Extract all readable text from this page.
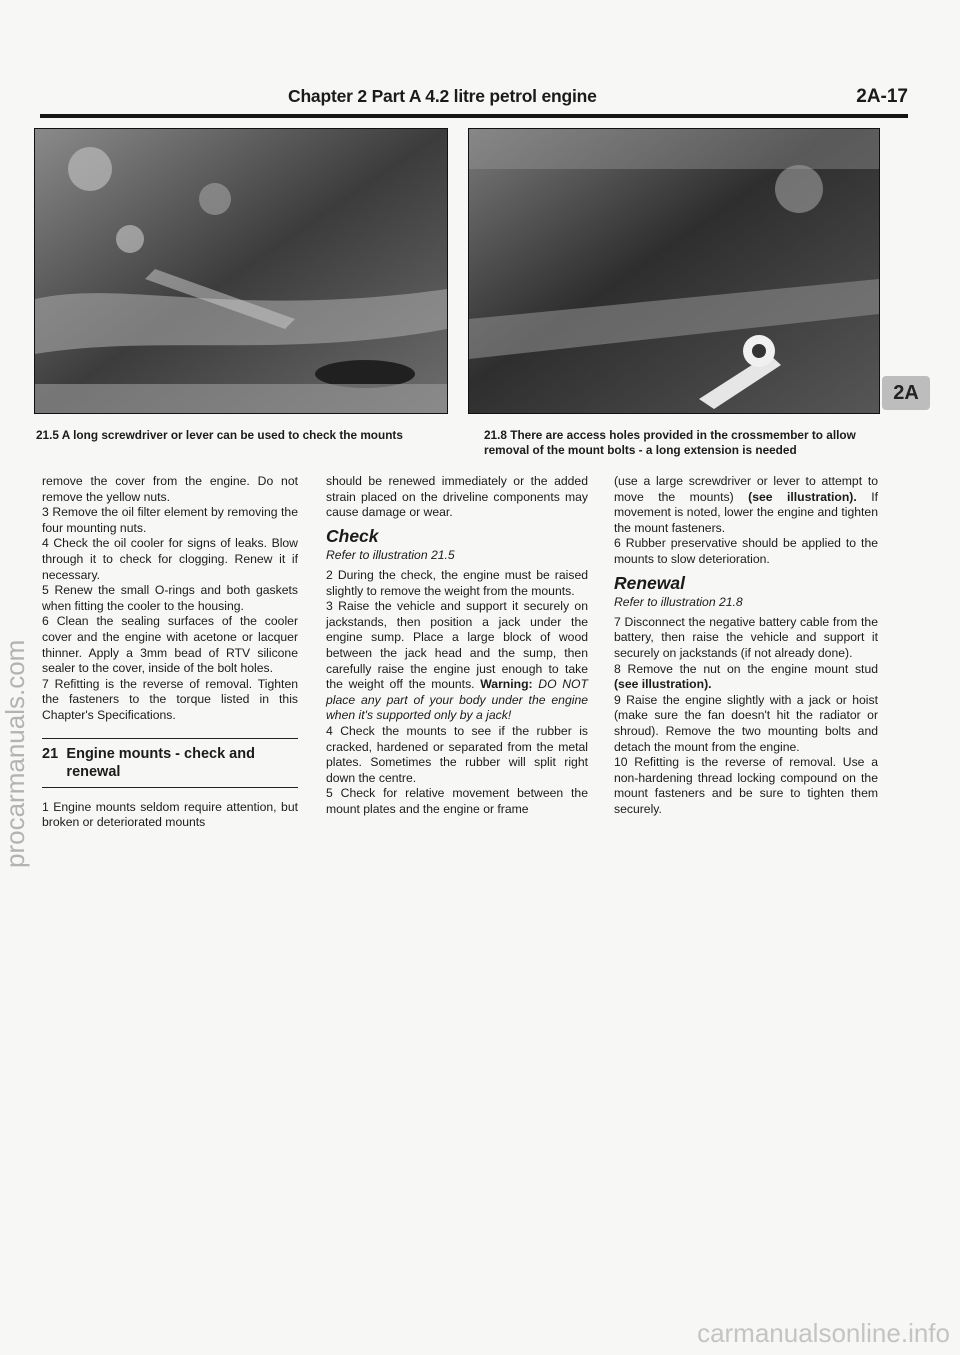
Chapter 2 Part A 4.2 litre petrol engine	2A-17
21.5 A long screwdriver or lever can be used to check the mounts	21.8 There are access holes provided in the crossmember to allow removal of the mount bolts - a long extension is needed
2A

remove the cover from the engine. Do not remove the yellow nuts.

3 Remove the oil filter element by removing the four mounting nuts.

4 Check the oil cooler for signs of leaks. Blow through it to check for clogging. Renew it if necessary.

5 Renew the small O-rings and both gaskets when fitting the cooler to the housing.

6 Clean the sealing surfaces of the cooler cover and the engine with acetone or lacquer thinner. Apply a 3mm bead of RTV silicone sealer to the cover, inside of the bolt holes.

7 Refitting is the reverse of removal. Tighten the fasteners to the torque listed in this Chapter's Specifications.

21 Engine mounts - check and renewal

1 Engine mounts seldom require attention, but broken or deteriorated mounts

should be renewed immediately or the added strain placed on the driveline components may cause damage or wear.

Check

Refer to illustration 21.5

2 During the check, the engine must be raised slightly to remove the weight from the mounts.

3 Raise the vehicle and support it securely on jackstands, then position a jack under the engine sump. Place a large block of wood between the jack head and the sump, then carefully raise the engine just enough to take the weight off the mounts. Warning: DO NOT place any part of your body under the engine when it's supported only by a jack!

4 Check the mounts to see if the rubber is cracked, hardened or separated from the metal plates. Sometimes the rubber will split right down the centre.

5 Check for relative movement between the mount plates and the engine or frame

(use a large screwdriver or lever to attempt to move the mounts) (see illustration). If movement is noted, lower the engine and tighten the mount fasteners.

6 Rubber preservative should be applied to the mounts to slow deterioration.

Renewal

Refer to illustration 21.8

7 Disconnect the negative battery cable from the battery, then raise the vehicle and support it securely on jackstands (if not already done).

8 Remove the nut on the engine mount stud (see illustration).

9 Raise the engine slightly with a jack or hoist (make sure the fan doesn't hit the radiator or shroud). Remove the two mounting bolts and detach the mount from the engine.

10 Refitting is the reverse of removal. Use a non-hardening thread locking compound on the mount fasteners and be sure to tighten them securely.

procarmanuals.com
carmanualsonline.info
